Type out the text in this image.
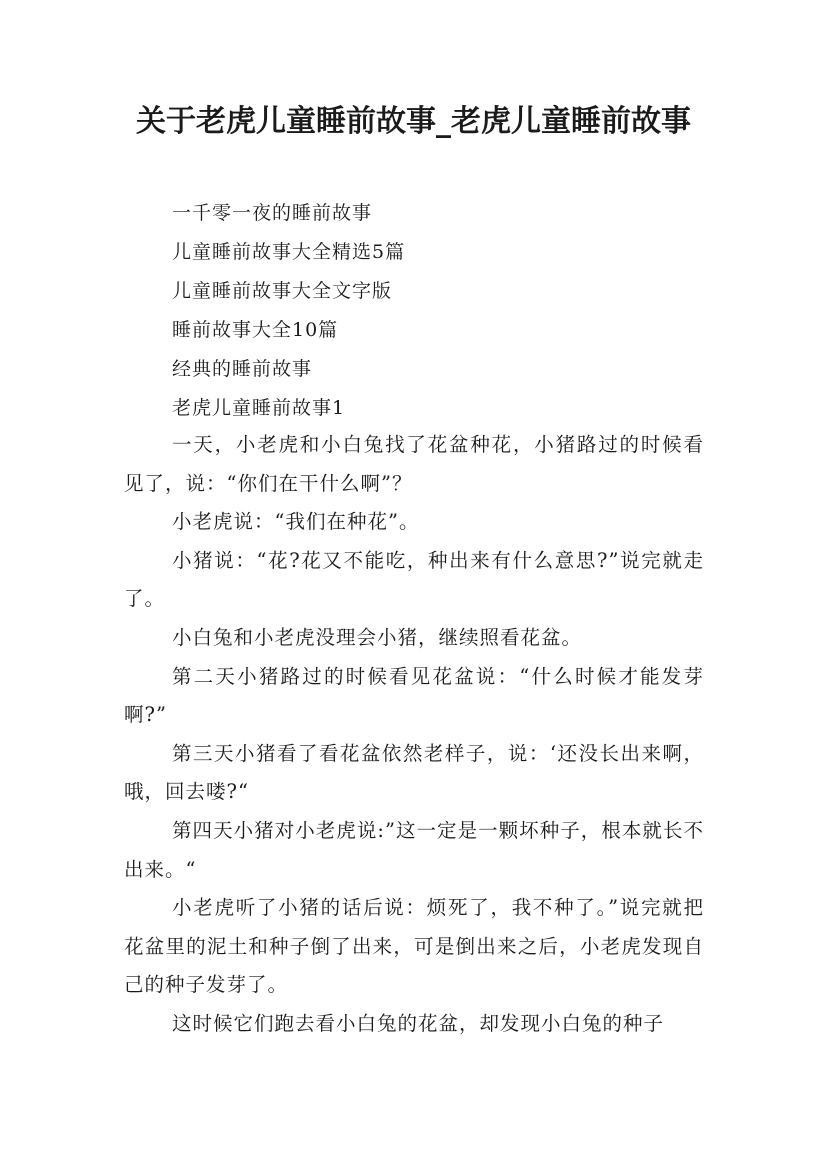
关于老虎儿童睡前故事_老虎儿童睡前故事
一千零一夜的睡前故事
儿童睡前故事大全精选5篇
儿童睡前故事大全文字版
睡前故事大全10篇
经典的睡前故事
老虎儿童睡前故事1

一天，小老虎和小白兔找了花盆种花，小猪路过的时候看见了，说：“你们在干什么啊”？

小老虎说：“我们在种花”。

小猪说：“花?花又不能吃，种出来有什么意思?”说完就走了。

小白兔和小老虎没理会小猪，继续照看花盆。

第二天小猪路过的时候看见花盆说：“什么时候才能发芽啊?”

第三天小猪看了看花盆依然老样子，说：‘还没长出来啊，哦，回去喽?“

第四天小猪对小老虎说:”这一定是一颗坏种子，根本就长不出来。“

小老虎听了小猪的话后说：烦死了，我不种了。”说完就把花盆里的泥土和种子倒了出来，可是倒出来之后，小老虎发现自己的种子发芽了。

这时候它们跑去看小白兔的花盆，却发现小白兔的种子
